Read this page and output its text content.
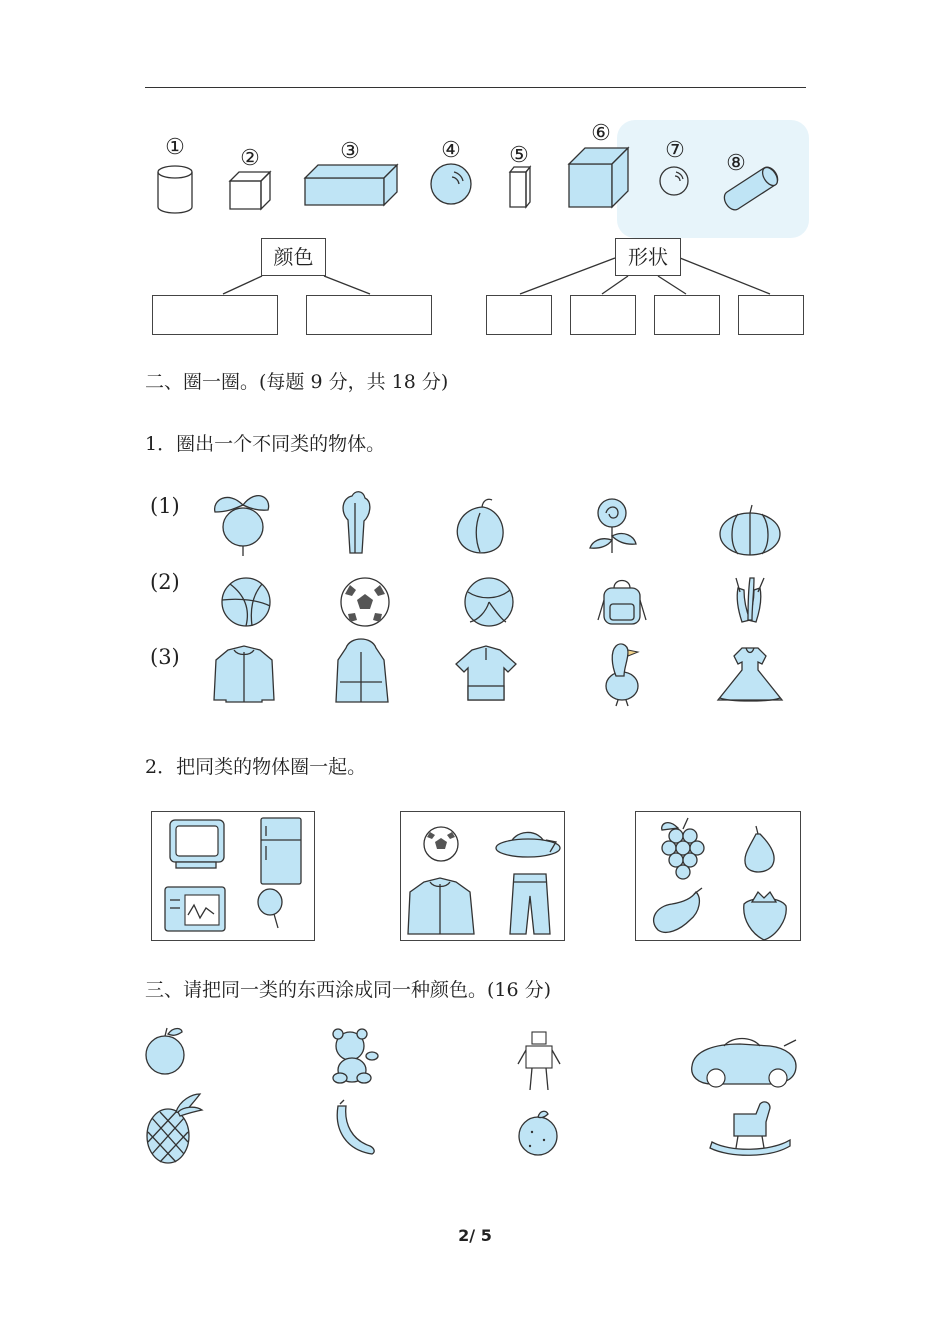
①	②	③	④ ⑤
⑥
⑦
⑧
颜色	形状
二、圈一圈。(每题 9 分，共 18 分)
1．圈出一个不同类的物体。
(1)
(2)
(3)
2．把同类的物体圈一起。
三、请把同一类的东西涂成同一种颜色。(16 分)
2/ 5
